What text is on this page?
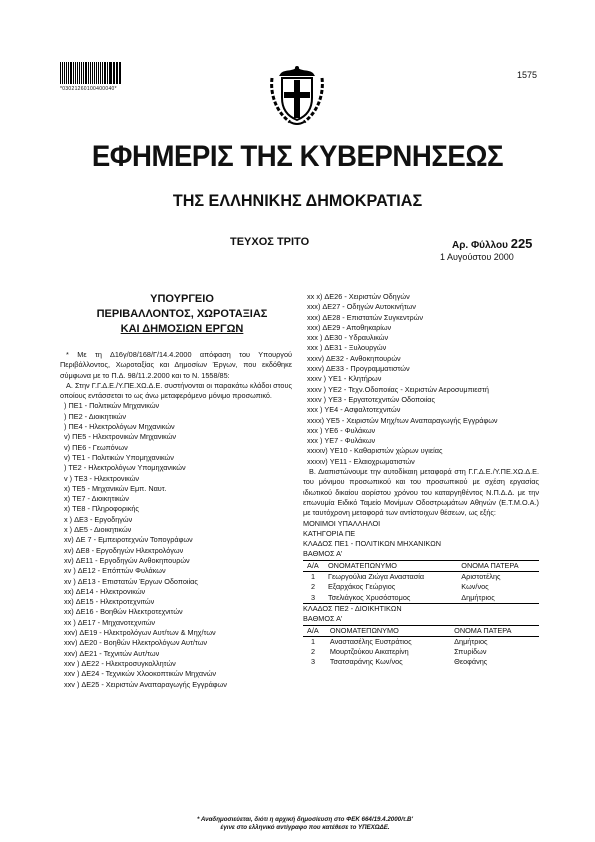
*03021260100400040*
1575
ΕΦΗΜΕΡΙΣ ΤΗΣ ΚΥΒΕΡΝΗΣΕΩΣ
ΤΗΣ ΕΛΛΗΝΙΚΗΣ ΔΗΜΟΚΡΑΤΙΑΣ
ΤΕΥΧΟΣ ΤΡΙΤΟ	Αρ. Φύλλου 225
1 Αυγούστου 2000
ΥΠΟΥΡΓΕΙΟ
ΠΕΡΙΒΑΛΛΟΝΤΟΣ, ΧΩΡΟΤΑΞΙΑΣ
ΚΑΙ ΔΗΜΟΣΙΩΝ ΕΡΓΩΝ
* Με τη Δ16γ/08/168/Γ/14.4.2000 απόφαση του Υπουργού Περιβάλλοντος, Χωροταξίας και Δημοσίων Έργων, που εκδόθηκε σύμφωνα με το Π.Δ. 98/11.2.2000 και το Ν. 1558/85:
Α. Στην Γ.Γ.Δ.Ε./Υ.ΠΕ.ΧΩ.Δ.Ε. συστήνονται οι παρακάτω κλάδοι στους οποίους εντάσσεται το ως άνω μεταφερόμενο μόνιμο προσωπικό.
) ΠΕ1 - Πολιτικών Μηχανικών
) ΠΕ2 - Διοικητικών
) ΠΕ4 - Ηλεκτρολόγων Μηχανικών
v) ΠΕ5 - Ηλεκτρονικών Μηχανικών
v) ΠΕ6 - Γεωπόνων
v) ΤΕ1 - Πολιτικών Υπομηχανικών
) ΤΕ2 - Ηλεκτρολόγων Υπομηχανικών
v ) ΤΕ3 - Ηλεκτρονικών
x) ΤΕ5 - Μηχανικών Εμπ. Ναυτ.
x) ΤΕ7 - Διοικητικών
x) ΤΕ8 - Πληροφορικής
x ) ΔΕ3 - Εργοδηγών
x ) ΔΕ5 - Διοικητικών
xv) ΔΕ 7 - Εμπειροτεχνών Τοπογράφων
xv) ΔΕ8 - Εργοδηγών Ηλεκτρολόγων
xv) ΔΕ11 - Εργοδηγών Ανθοκηπουρών
xv ) ΔΕ12 - Επόπτών Φυλάκων
xv ) ΔΕ13 - Επιστατών Έργων Οδοποιίας
xx) ΔΕ14 - Ηλεκτρονικών
xx) ΔΕ15 - Ηλεκτροτεχνιτών
xx) ΔΕ16 - Βοηθών Ηλεκτροτεχνιτών
xx ) ΔΕ17 - Μηχανοτεχνιτών
xxv) ΔΕ19 - Ηλεκτρολόγων Αυτ/των & Μηχ/των
xxv) ΔΕ20 - Βοηθών Ηλεκτρολόγων Αυτ/των
xxv) ΔΕ21 - Τεχνιτών Αυτ/των
xxv ) ΔΕ22 - Ηλεκτροσυγκολλητών
xxv ) ΔΕ24 - Τεχνικών Χλοοκοπτικών Μηχανών
xxv ) ΔΕ25 - Χειριστών Αναπαραγωγής Εγγράφων
xx x) ΔΕ26 - Χειριστών Οδηγών
xxx) ΔΕ27 - Οδηγών Αυτοκινήτων
xxx) ΔΕ28 - Επιστατών Συγκεντρών
xxx) ΔΕ29 - Αποθηκαρίων
xxx ) ΔΕ30 - Υδραυλικών
xxx ) ΔΕ31 - Ξυλουργών
xxxv) ΔΕ32 - Ανθοκηπουρών
xxxv) ΔΕ33 - Προγραμματιστών
xxxv ) ΥΕ1 - Κλητήρων
xxxv ) ΥΕ2 - Τεχν.Οδοποιίας - Χειριστών Αεροσυμπιεστή
xxxv ) ΥΕ3 - Εργατοτεχνιτών Οδοποιίας
xxx ) ΥΕ4 - Ασφαλτοτεχνιτών
xxxx) ΥΕ5 - Χειριστών Μηχ/των Αναπαραγωγής Εγγράφων
xxx ) ΥΕ6 - Φυλάκων
xxx ) ΥΕ7 - Φυλάκων
xxxxv) ΥΕ10 - Καθαριστών χώρων υγιείας
xxxxv) ΥΕ11 - Ελαιοχρωματιστών
Β. Διαπιστώνουμε την αυτοδίκαιη μεταφορά στη Γ.Γ.Δ.Ε./Υ.ΠΕ.ΧΩ.Δ.Ε. του μόνιμου προσωπικού και του προσωπικού με σχέση εργασίας ιδιωτικού δικαίου αορίστου χρόνου του καταργηθέντος Ν.Π.Δ.Δ. με την επωνυμία Ειδικό Ταμείο Μονίμων Οδοστρωμάτων Αθηνών (Ε.Τ.Μ.Ο.Α.) με ταυτόχρονη μεταφορά των αντίστοιχων θέσεων, ως εξής:
ΜΟΝΙΜΟΙ ΥΠΑΛΛΗΛΟΙ
ΚΑΤΗΓΟΡΙΑ ΠΕ
ΚΛΑΔΟΣ ΠΕ1 - ΠΟΛΙΤΙΚΩΝ ΜΗΧΑΝΙΚΩΝ
ΒΑΘΜΟΣ Α'
Α/Α	ΟΝΟΜΑΤΕΠΩΝΥΜΟ	ΟΝΟΜΑ ΠΑΤΕΡΑ
1	Γεωργούλια Ζιώγα Αναστασία	Αριστοτέλης
2	Εξαρχάκος Γεώργιος	Κων/νος
3	Τσελιάγκος Χρυσόστομος	Δημήτριος
ΚΛΑΔΟΣ ΠΕ2 - ΔΙΟΙΚΗΤΙΚΩΝ
ΒΑΘΜΟΣ Α'
Α/Α	ΟΝΟΜΑΤΕΠΩΝΥΜΟ	ΟΝΟΜΑ ΠΑΤΕΡΑ
1	Αναστασέλης Ευστράτιος	Δημήτριος
2	Μουρτζούκου Αικατερίνη	Σπυρίδων
3	Τσατσαράνης Κων/νος	Θεοφάνης
* Αναδημοσιεύεται, διότι η αρχική δημοσίευση στο ΦΕΚ 664/19.4.2000/τ.Β'
έγινε στο ελληνικό αντίγραφο που κατέθεσε το ΥΠΕΧΩΔΕ.
